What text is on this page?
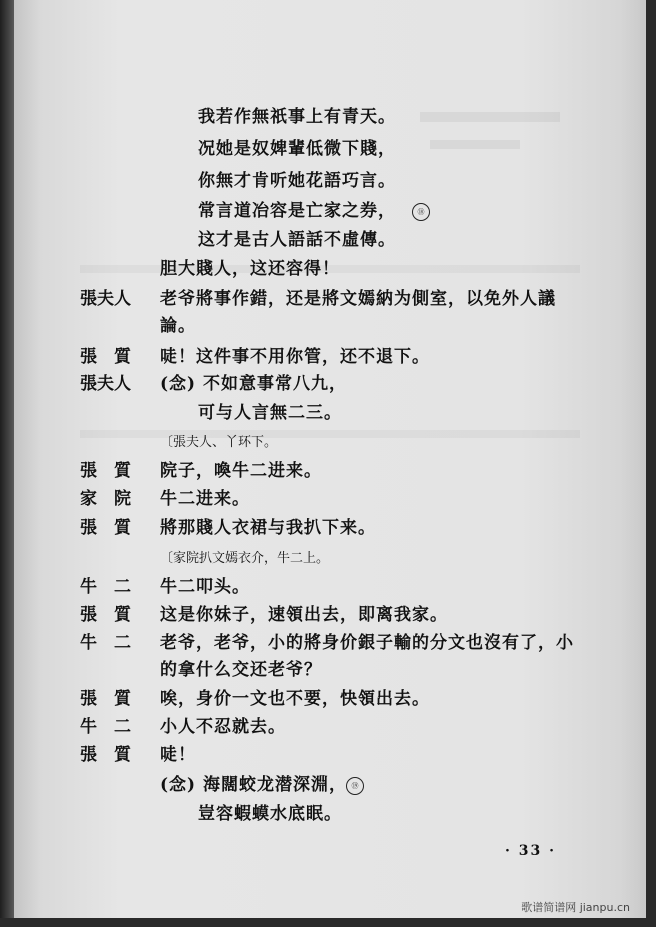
我若作無祇事上有青天。
况她是奴婢輩低微下賤，
你無才肯听她花語巧言。
常言道冶容是亡家之券，	⑱
这才是古人語話不虛傳。
胆大賤人，这还容得！
張夫人 老爷將事作錯，还是將文嫣納为側室，以免外人議
論。
張　質 唗！这件事不用你管，还不退下。
張夫人 (念) 不如意事常八九，
可与人言無二三。
〔張夫人、丫环下。
張　質 院子，喚牛二进来。
家　院 牛二进来。
張　質 將那賤人衣裙与我扒下来。
〔家院扒文嫣衣介，牛二上。
牛　二 牛二叩头。
張　質 这是你妹子，速領出去，即离我家。
牛　二 老爷，老爷，小的將身价銀子輸的分文也沒有了，小
的拿什么交还老爷？
張　質 唉，身价一文也不要，快領出去。
牛　二 小人不忍就去。
張　質 唗！
(念) 海闊蛟龙潜深淵， ⑲
豈容蝦蟆水底眠。
· 33 ·
歌谱简谱网 jianpu.cn
